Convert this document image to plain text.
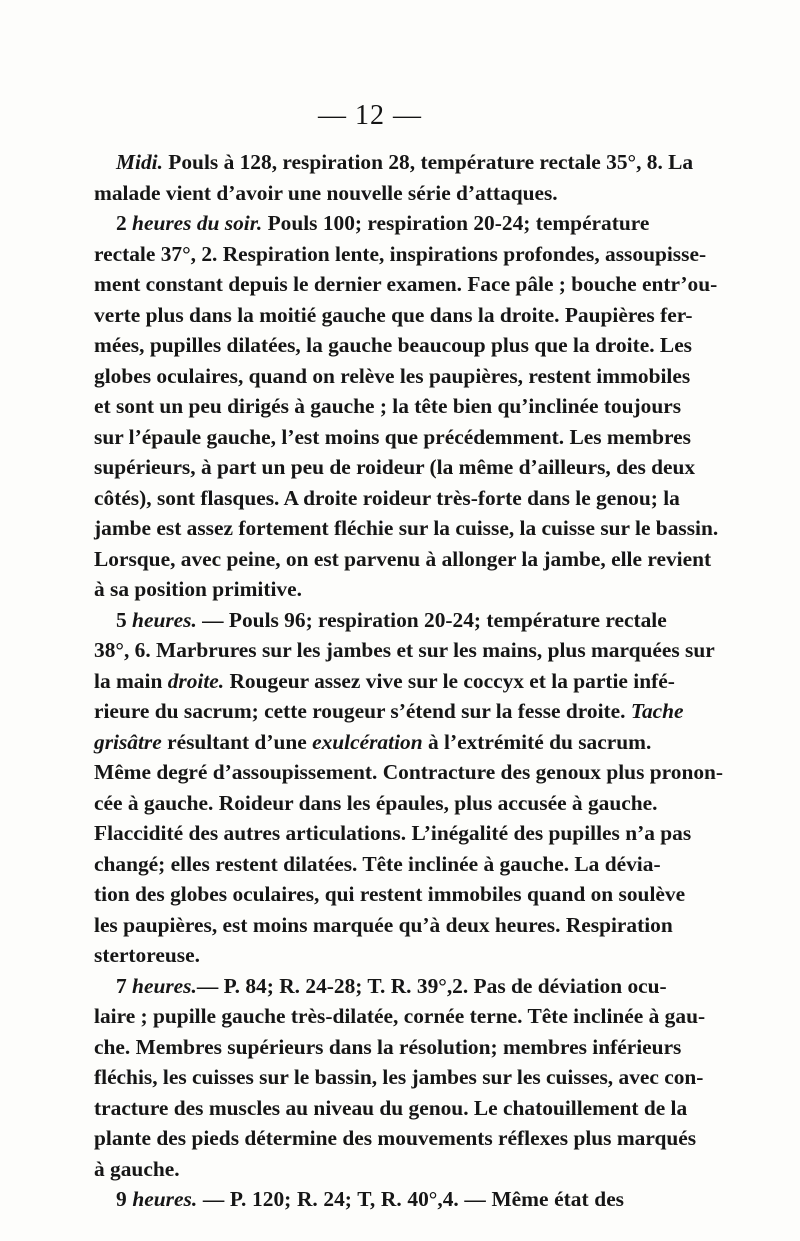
— 12 —
Midi. Pouls à 128, respiration 28, température rectale 35°, 8. La
malade vient d’avoir une nouvelle série d’attaques.
2 heures du soir. Pouls 100; respiration 20-24; température
rectale 37°, 2. Respiration lente, inspirations profondes, assoupisse-
ment constant depuis le dernier examen. Face pâle ; bouche entr’ou-
verte plus dans la moitié gauche que dans la droite. Paupières fer-
mées, pupilles dilatées, la gauche beaucoup plus que la droite. Les
globes oculaires, quand on relève les paupières, restent immobiles
et sont un peu dirigés à gauche ; la tête bien qu’inclinée toujours
sur l’épaule gauche, l’est moins que précédemment. Les membres
supérieurs, à part un peu de roideur (la même d’ailleurs, des deux
côtés), sont flasques. A droite roideur très-forte dans le genou; la
jambe est assez fortement fléchie sur la cuisse, la cuisse sur le bassin.
Lorsque, avec peine, on est parvenu à allonger la jambe, elle revient
à sa position primitive.
5 heures. — Pouls 96; respiration 20-24; température rectale
38°, 6. Marbrures sur les jambes et sur les mains, plus marquées sur
la main droite. Rougeur assez vive sur le coccyx et la partie infé-
rieure du sacrum; cette rougeur s’étend sur la fesse droite. Tache
grisâtre résultant d’une exulcération à l’extrémité du sacrum.
Même degré d’assoupissement. Contracture des genoux plus pronon-
cée à gauche. Roideur dans les épaules, plus accusée à gauche.
Flaccidité des autres articulations. L’inégalité des pupilles n’a pas
changé; elles restent dilatées. Tête inclinée à gauche. La dévia-
tion des globes oculaires, qui restent immobiles quand on soulève
les paupières, est moins marquée qu’à deux heures. Respiration
stertoreuse.
7 heures.— P. 84; R. 24-28; T. R. 39°,2. Pas de déviation ocu-
laire ; pupille gauche très-dilatée, cornée terne. Tête inclinée à gau-
che. Membres supérieurs dans la résolution; membres inférieurs
fléchis, les cuisses sur le bassin, les jambes sur les cuisses, avec con-
tracture des muscles au niveau du genou. Le chatouillement de la
plante des pieds détermine des mouvements réflexes plus marqués
à gauche.
9 heures. — P. 120; R. 24; T, R. 40°,4. — Même état des
